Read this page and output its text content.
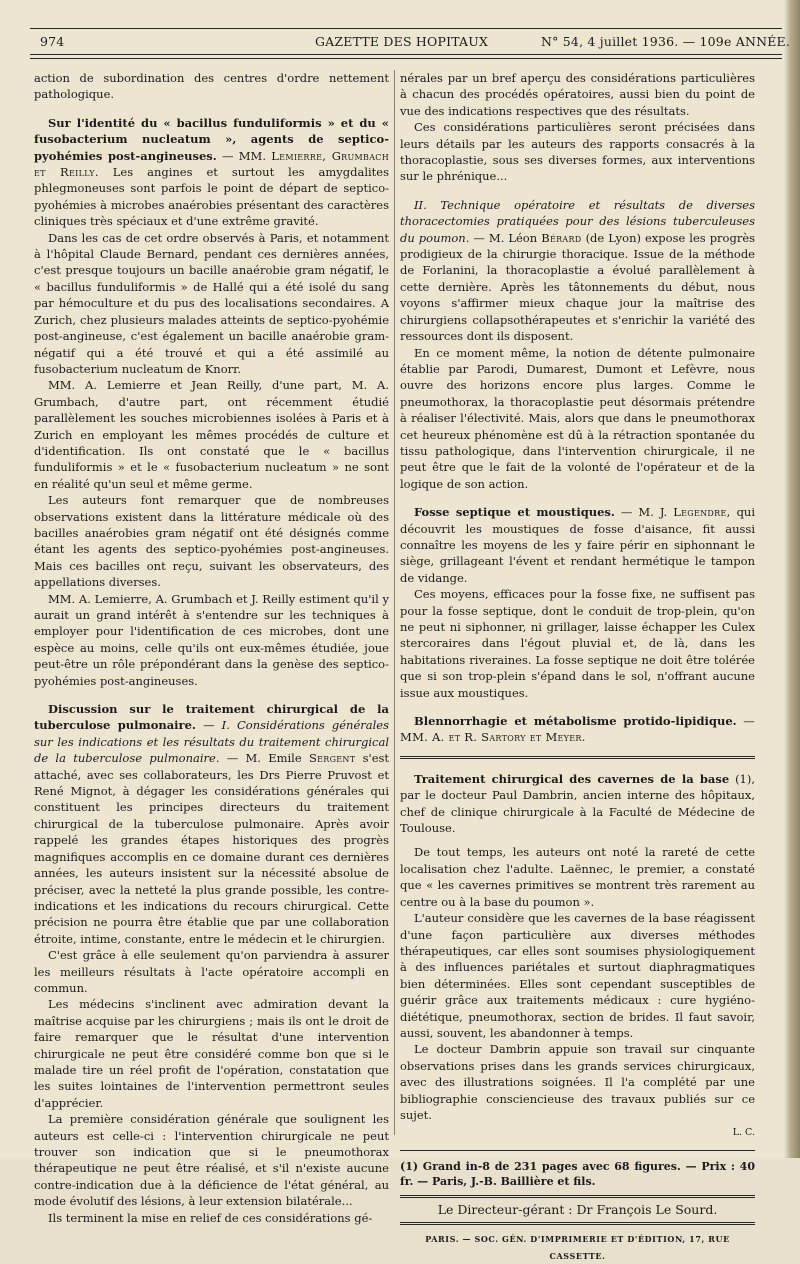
974	GAZETTE DES HOPITAUX	N° 54, 4 juillet 1936. — 109e ANNÉE.

action de subordination des centres d'ordre nettement pathologique.

Sur l'identité du « bacillus funduliformis » et du « fusobacterium nucleatum », agents de septico-pyohémies post-angineuses. — MM. Lemierre, Grumbach et Reilly. Les angines et surtout les amygdalites phlegmoneuses sont parfois le point de départ de septico-pyohémies à microbes anaérobies présentant des caractères cliniques très spéciaux et d'une extrême gravité.

Dans les cas de cet ordre observés à Paris, et notamment à l'hôpital Claude Bernard, pendant ces dernières années, c'est presque toujours un bacille anaérobie gram négatif, le « bacillus funduliformis » de Hallé qui a été isolé du sang par hémoculture et du pus des localisations secondaires. A Zurich, chez plusieurs malades atteints de septico-pyohémie post-angineuse, c'est également un bacille anaérobie gram-négatif qui a été trouvé et qui a été assimilé au fusobacterium nucleatum de Knorr.

MM. A. Lemierre et Jean Reilly, d'une part, M. A. Grumbach, d'autre part, ont récemment étudié parallèlement les souches microbiennes isolées à Paris et à Zurich en employant les mêmes procédés de culture et d'identification. Ils ont constaté que le « bacillus funduliformis » et le « fusobacterium nucleatum » ne sont en réalité qu'un seul et même germe.

Les auteurs font remarquer que de nombreuses observations existent dans la littérature médicale où des bacilles anaérobies gram négatif ont été désignés comme étant les agents des septico-pyohémies post-angineuses. Mais ces bacilles ont reçu, suivant les observateurs, des appellations diverses.

MM. A. Lemierre, A. Grumbach et J. Reilly estiment qu'il y aurait un grand intérêt à s'entendre sur les techniques à employer pour l'identification de ces microbes, dont une espèce au moins, celle qu'ils ont eux-mêmes étudiée, joue peut-être un rôle prépondérant dans la genèse des septico-pyohémies post-angineuses.

Discussion sur le traitement chirurgical de la tuberculose pulmonaire. — I. Considérations générales sur les indications et les résultats du traitement chirurgical de la tuberculose pulmonaire. — M. Emile Sergent s'est attaché, avec ses collaborateurs, les Drs Pierre Pruvost et René Mignot, à dégager les considérations générales qui constituent les principes directeurs du traitement chirurgical de la tuberculose pulmonaire. Après avoir rappelé les grandes étapes historiques des progrès magnifiques accomplis en ce domaine durant ces dernières années, les auteurs insistent sur la nécessité absolue de préciser, avec la netteté la plus grande possible, les contre-indications et les indications du recours chirurgical. Cette précision ne pourra être établie que par une collaboration étroite, intime, constante, entre le médecin et le chirurgien.

C'est grâce à elle seulement qu'on parviendra à assurer les meilleurs résultats à l'acte opératoire accompli en commun.

Les médecins s'inclinent avec admiration devant la maîtrise acquise par les chirurgiens ; mais ils ont le droit de faire remarquer que le résultat d'une intervention chirurgicale ne peut être considéré comme bon que si le malade tire un réel profit de l'opération, constatation que les suites lointaines de l'intervention permettront seules d'apprécier.

La première considération générale que soulignent les auteurs est celle-ci : l'intervention chirurgicale ne peut trouver son indication que si le pneumothorax thérapeutique ne peut être réalisé, et s'il n'existe aucune contre-indication due à la déficience de l'état général, au mode évolutif des lésions, à leur extension bilatérale...

Ils terminent la mise en relief de ces considérations gé-

nérales par un bref aperçu des considérations particulières à chacun des procédés opératoires, aussi bien du point de vue des indications respectives que des résultats.

Ces considérations particulières seront précisées dans leurs détails par les auteurs des rapports consacrés à la thoracoplastie, sous ses diverses formes, aux interventions sur le phrénique...

II. Technique opératoire et résultats de diverses thoracectomies pratiquées pour des lésions tuberculeuses du poumon. — M. Léon Bérard (de Lyon) expose les progrès prodigieux de la chirurgie thoracique. Issue de la méthode de Forlanini, la thoracoplastie a évolué parallèlement à cette dernière. Après les tâtonnements du début, nous voyons s'affirmer mieux chaque jour la maîtrise des chirurgiens collapsothérapeutes et s'enrichir la variété des ressources dont ils disposent.

En ce moment même, la notion de détente pulmonaire établie par Parodi, Dumarest, Dumont et Lefèvre, nous ouvre des horizons encore plus larges. Comme le pneumothorax, la thoracoplastie peut désormais prétendre à réaliser l'électivité. Mais, alors que dans le pneumothorax cet heureux phénomène est dû à la rétraction spontanée du tissu pathologique, dans l'intervention chirurgicale, il ne peut être que le fait de la volonté de l'opérateur et de la logique de son action.

Fosse septique et moustiques. — M. J. Legendre, qui découvrit les moustiques de fosse d'aisance, fit aussi connaître les moyens de les y faire périr en siphonnant le siège, grillageant l'évent et rendant hermétique le tampon de vidange.

Ces moyens, efficaces pour la fosse fixe, ne suffisent pas pour la fosse septique, dont le conduit de trop-plein, qu'on ne peut ni siphonner, ni grillager, laisse échapper les Culex stercoraires dans l'égout pluvial et, de là, dans les habitations riveraines. La fosse septique ne doit être tolérée que si son trop-plein s'épand dans le sol, n'offrant aucune issue aux moustiques.

Blennorrhagie et métabolisme protido-lipidique. — MM. A. et R. Sartory et Meyer.

Traitement chirurgical des cavernes de la base (1), par le docteur Paul Dambrin, ancien interne des hôpitaux, chef de clinique chirurgicale à la Faculté de Médecine de Toulouse.

De tout temps, les auteurs ont noté la rareté de cette localisation chez l'adulte. Laënnec, le premier, a constaté que « les cavernes primitives se montrent très rarement au centre ou à la base du poumon ».

L'auteur considère que les cavernes de la base réagissent d'une façon particulière aux diverses méthodes thérapeutiques, car elles sont soumises physiologiquement à des influences pariétales et surtout diaphragmatiques bien déterminées. Elles sont cependant susceptibles de guérir grâce aux traitements médicaux : cure hygiéno-diététique, pneumothorax, section de brides. Il faut savoir, aussi, souvent, les abandonner à temps.

Le docteur Dambrin appuie son travail sur cinquante observations prises dans les grands services chirurgicaux, avec des illustrations soignées. Il l'a complété par une bibliographie consciencieuse des travaux publiés sur ce sujet.

L. C.

(1) Grand in-8 de 231 pages avec 68 figures. — Prix : 40 fr. — Paris, J.-B. Baillière et fils.

Le Directeur-gérant : Dr François Le Sourd.

PARIS. — SOC. GÉN. D'IMPRIMERIE ET D'ÉDITION, 17, RUE CASSETTE.
